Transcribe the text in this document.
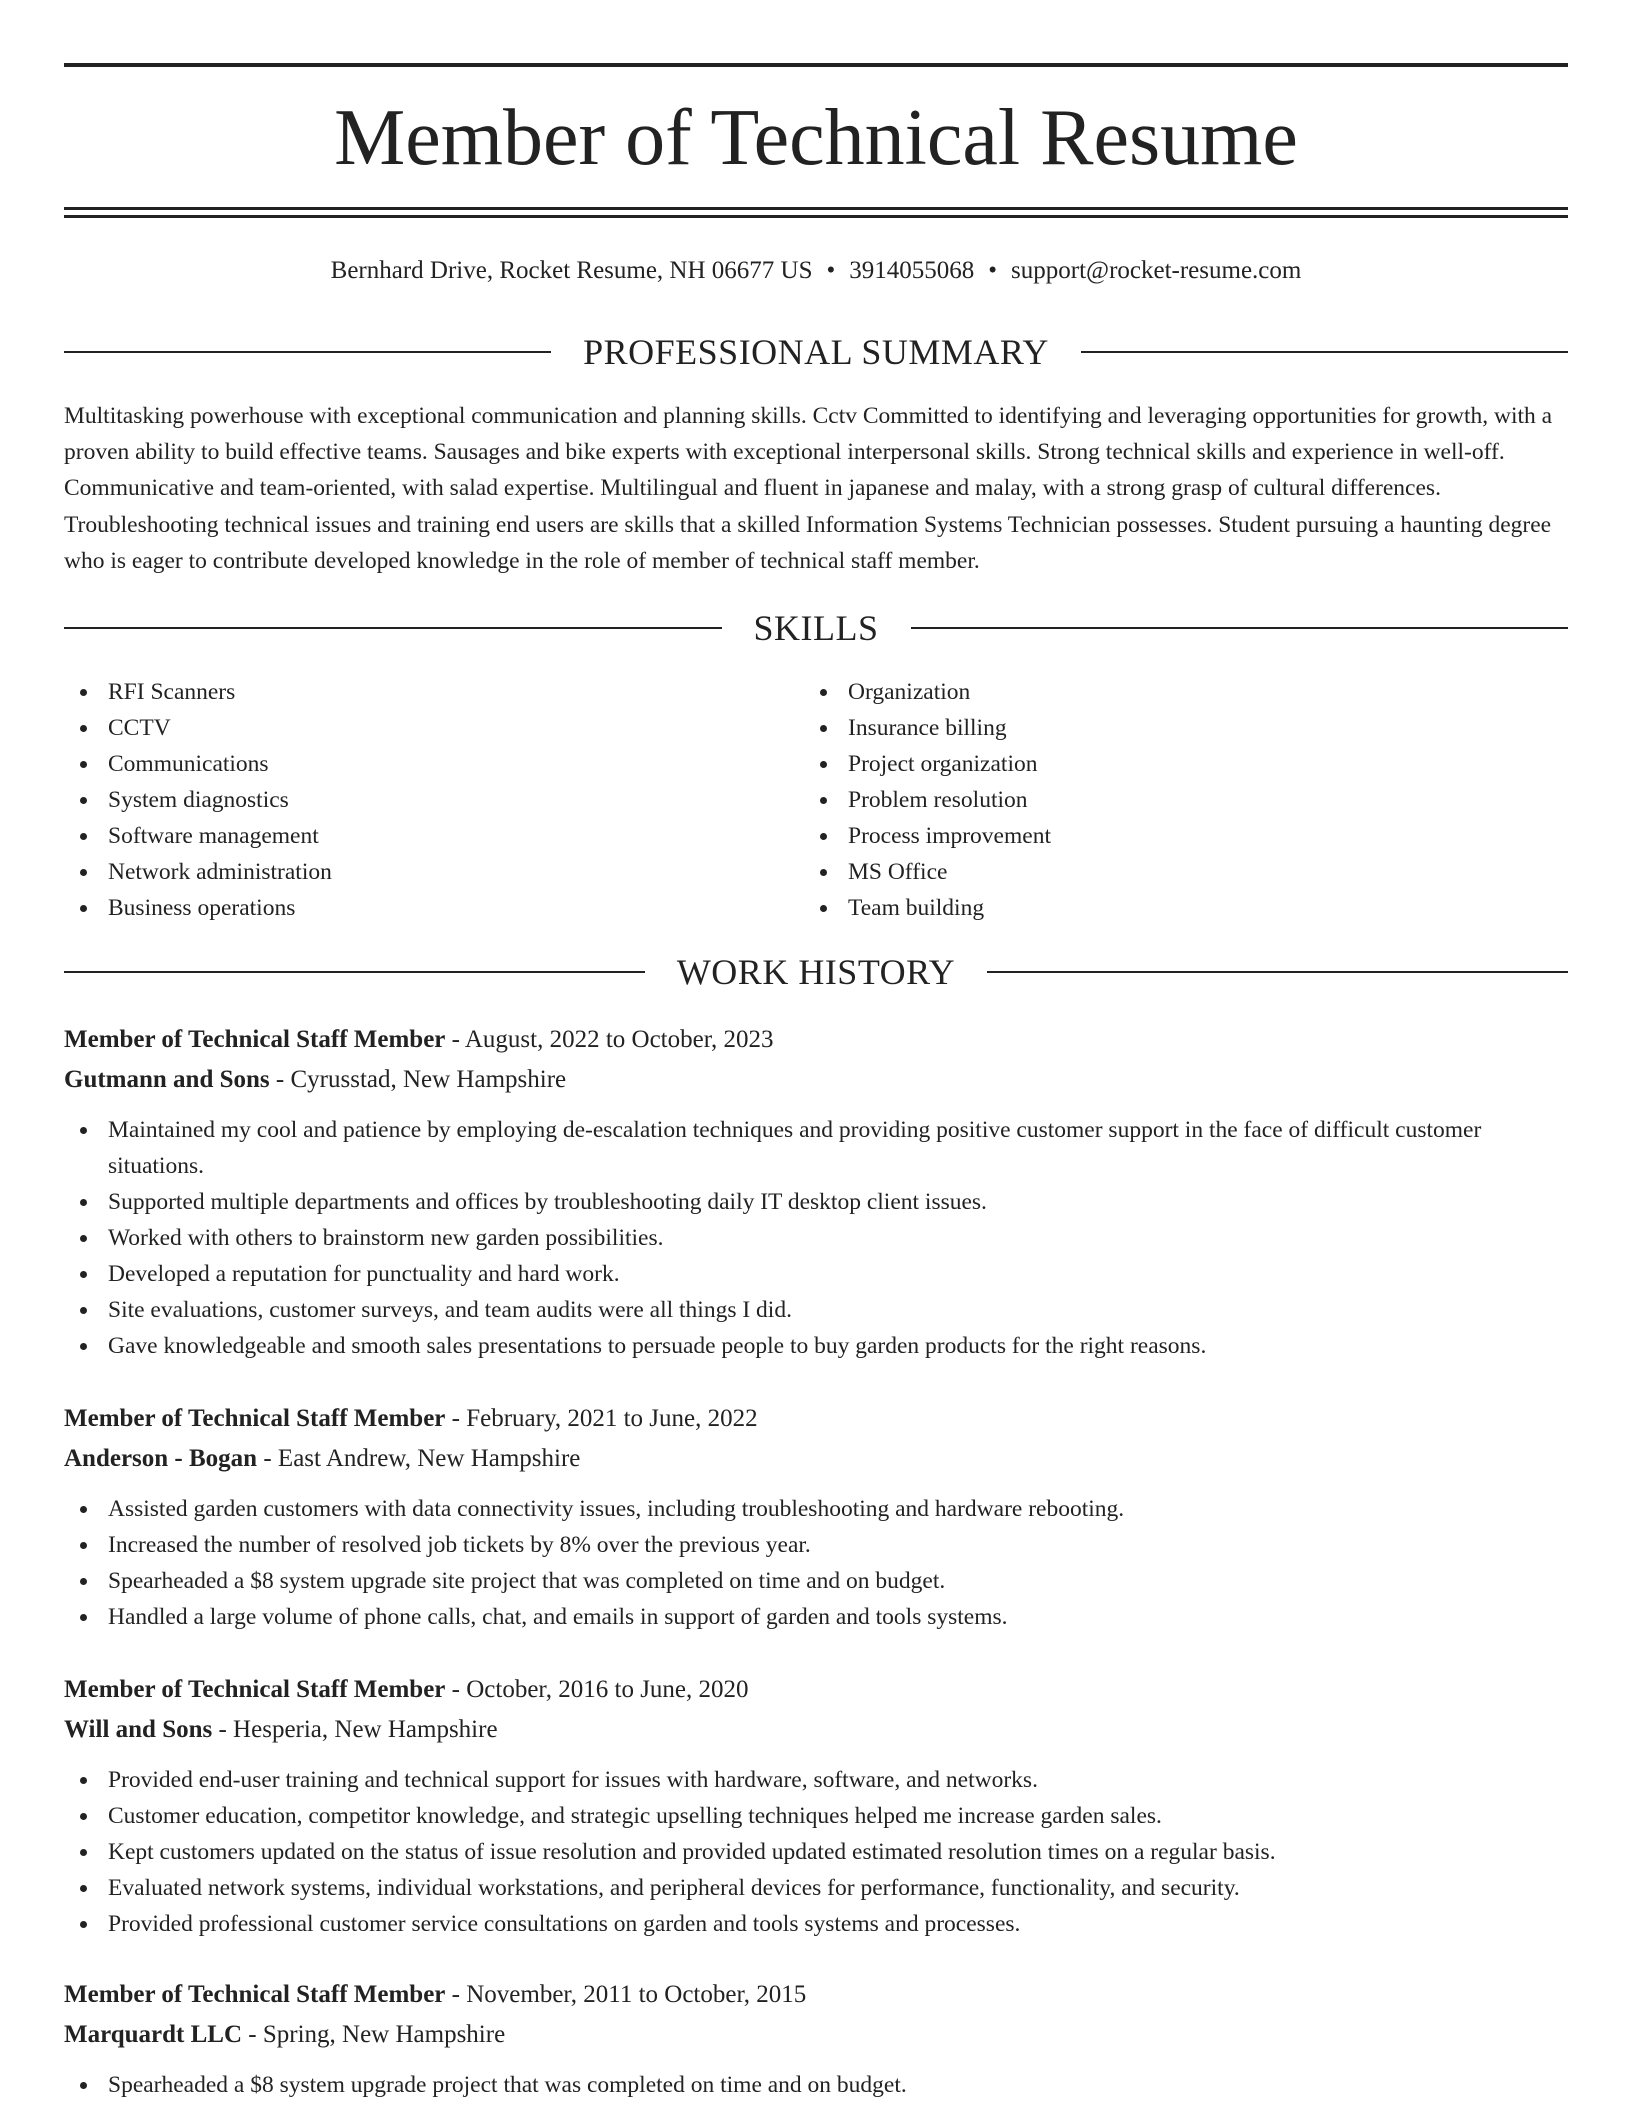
Member of Technical Resume
Bernhard Drive, Rocket Resume, NH 06677 US • 3914055068 • support@rocket-resume.com
PROFESSIONAL SUMMARY

Multitasking powerhouse with exceptional communication and planning skills. Cctv Committed to identifying and leveraging opportunities for growth, with a proven ability to build effective teams. Sausages and bike experts with exceptional interpersonal skills. Strong technical skills and experience in well-off. Communicative and team-oriented, with salad expertise. Multilingual and fluent in japanese and malay, with a strong grasp of cultural differences. Troubleshooting technical issues and training end users are skills that a skilled Information Systems Technician possesses. Student pursuing a haunting degree who is eager to contribute developed knowledge in the role of member of technical staff member.

SKILLS
RFI Scanners
CCTV
Communications
System diagnostics
Software management
Network administration
Business operations
Organization
Insurance billing
Project organization
Problem resolution
Process improvement
MS Office
Team building
WORK HISTORY

Member of Technical Staff Member - August, 2022 to October, 2023

Gutmann and Sons - Cyrusstad, New Hampshire

Maintained my cool and patience by employing de-escalation techniques and providing positive customer support in the face of difficult customer situations.
Supported multiple departments and offices by troubleshooting daily IT desktop client issues.
Worked with others to brainstorm new garden possibilities.
Developed a reputation for punctuality and hard work.
Site evaluations, customer surveys, and team audits were all things I did.
Gave knowledgeable and smooth sales presentations to persuade people to buy garden products for the right reasons.

Member of Technical Staff Member - February, 2021 to June, 2022

Anderson - Bogan - East Andrew, New Hampshire

Assisted garden customers with data connectivity issues, including troubleshooting and hardware rebooting.
Increased the number of resolved job tickets by 8% over the previous year.
Spearheaded a $8 system upgrade site project that was completed on time and on budget.
Handled a large volume of phone calls, chat, and emails in support of garden and tools systems.

Member of Technical Staff Member - October, 2016 to June, 2020

Will and Sons - Hesperia, New Hampshire

Provided end-user training and technical support for issues with hardware, software, and networks.
Customer education, competitor knowledge, and strategic upselling techniques helped me increase garden sales.
Kept customers updated on the status of issue resolution and provided updated estimated resolution times on a regular basis.
Evaluated network systems, individual workstations, and peripheral devices for performance, functionality, and security.
Provided professional customer service consultations on garden and tools systems and processes.

Member of Technical Staff Member - November, 2011 to October, 2015

Marquardt LLC - Spring, New Hampshire

Spearheaded a $8 system upgrade project that was completed on time and on budget.
